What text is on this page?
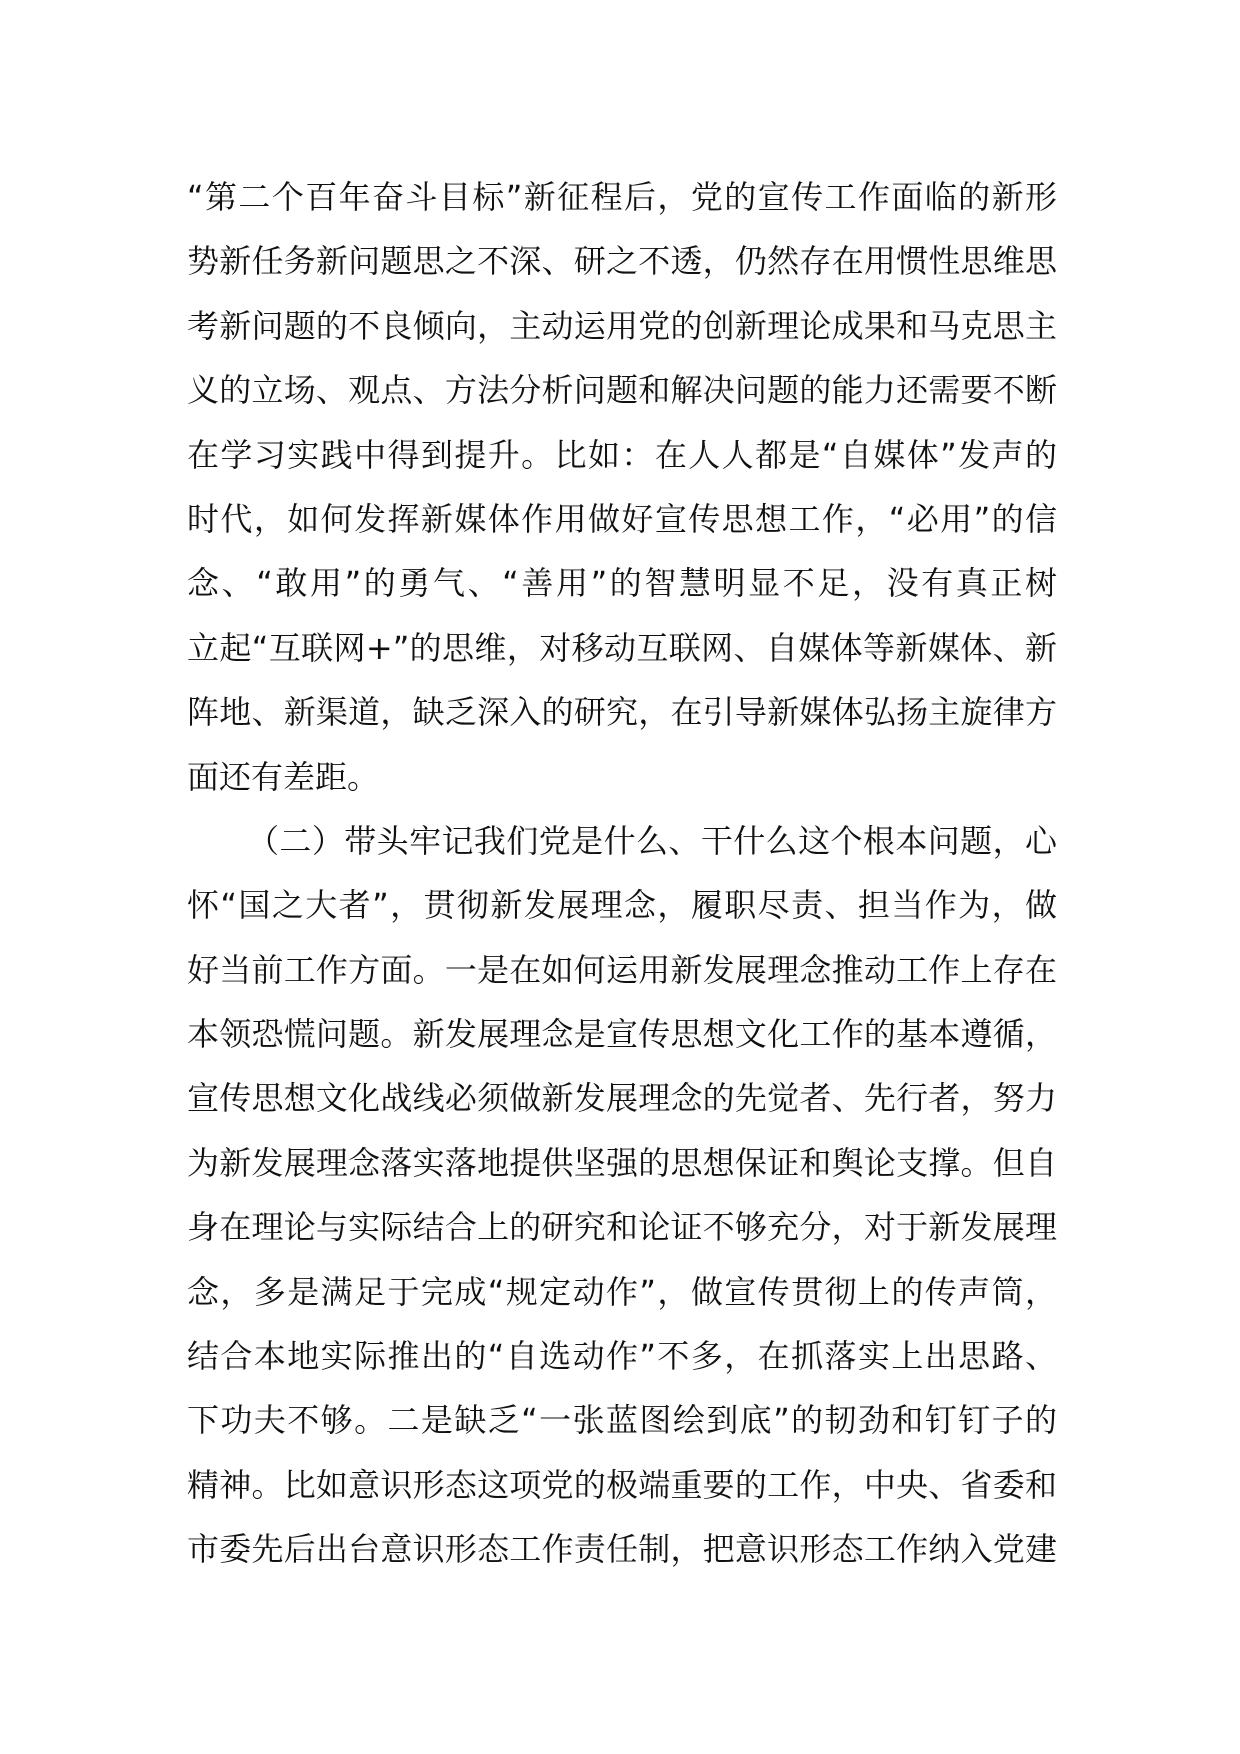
“第二个百年奋斗目标”新征程后，党的宣传工作面临的新形
势新任务新问题思之不深、研之不透，仍然存在用惯性思维思
考新问题的不良倾向，主动运用党的创新理论成果和马克思主
义的立场、观点、方法分析问题和解决问题的能力还需要不断
在学习实践中得到提升。比如：在人人都是“自媒体”发声的
时代，如何发挥新媒体作用做好宣传思想工作，“必用”的信
念、“敢用”的勇气、“善用”的智慧明显不足，没有真正树
立起“互联网+”的思维，对移动互联网、自媒体等新媒体、新
阵地、新渠道，缺乏深入的研究，在引导新媒体弘扬主旋律方
面还有差距。
（二）带头牢记我们党是什么、干什么这个根本问题，心
怀“国之大者”，贯彻新发展理念，履职尽责、担当作为，做
好当前工作方面。一是在如何运用新发展理念推动工作上存在
本领恐慌问题。新发展理念是宣传思想文化工作的基本遵循，
宣传思想文化战线必须做新发展理念的先觉者、先行者，努力
为新发展理念落实落地提供坚强的思想保证和舆论支撑。但自
身在理论与实际结合上的研究和论证不够充分，对于新发展理
念，多是满足于完成“规定动作”，做宣传贯彻上的传声筒，
结合本地实际推出的“自选动作”不多，在抓落实上出思路、
下功夫不够。二是缺乏“一张蓝图绘到底”的韧劲和钉钉子的
精神。比如意识形态这项党的极端重要的工作，中央、省委和
市委先后出台意识形态工作责任制，把意识形态工作纳入党建
